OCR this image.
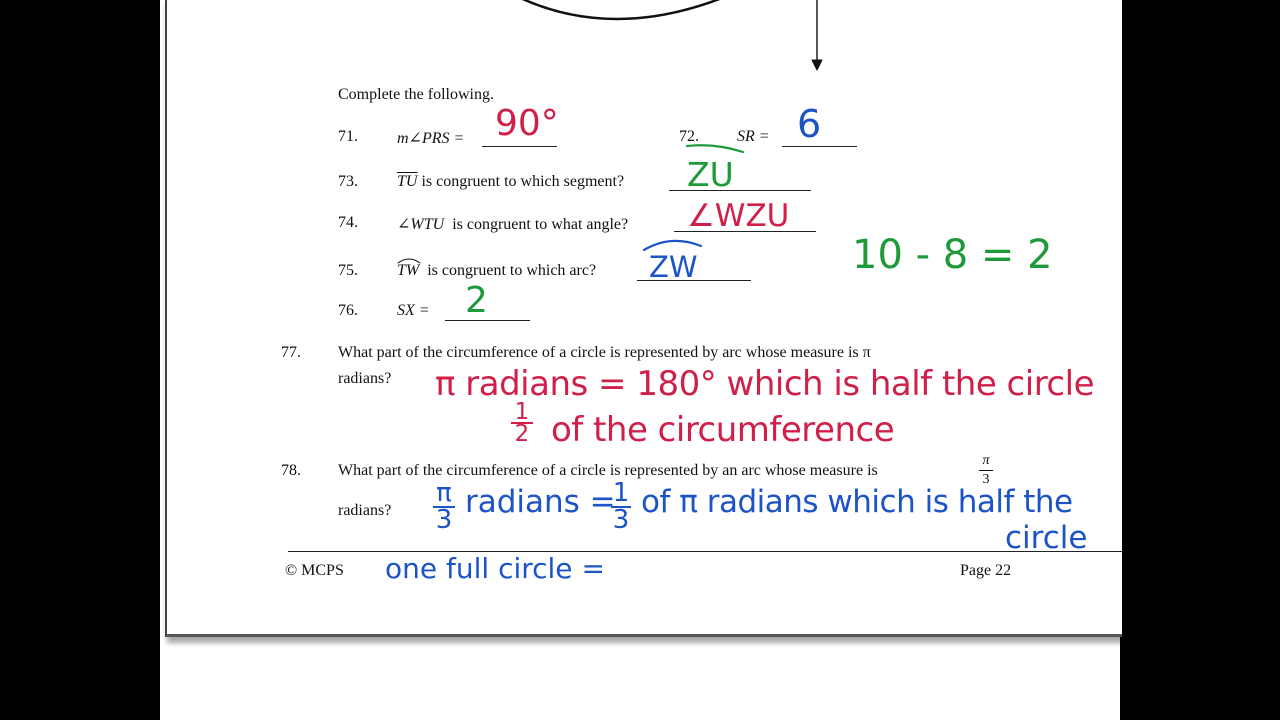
Complete the following.
71. m∠PRS = 90°	72. SR = 6
73. $\overline{TU}$ is congruent to which segment? ZU
74. ∠WTU is congruent to what angle? ∠WZU
75. TW is congruent to which arc? ZW	10 - 8 = 2
76. SX = 2
77. What part of the circumference of a circle is represented by arc whose measure is π
radians? π radians = 180° which is half the circle
1
2 of the circumference
78. What part of the circumference of a circle is represented by an arc whose measure is
π
3
radians?
π
3 radians =
1
3 of π radians which is half the
circle
© MCPS one full circle =	Page 22
